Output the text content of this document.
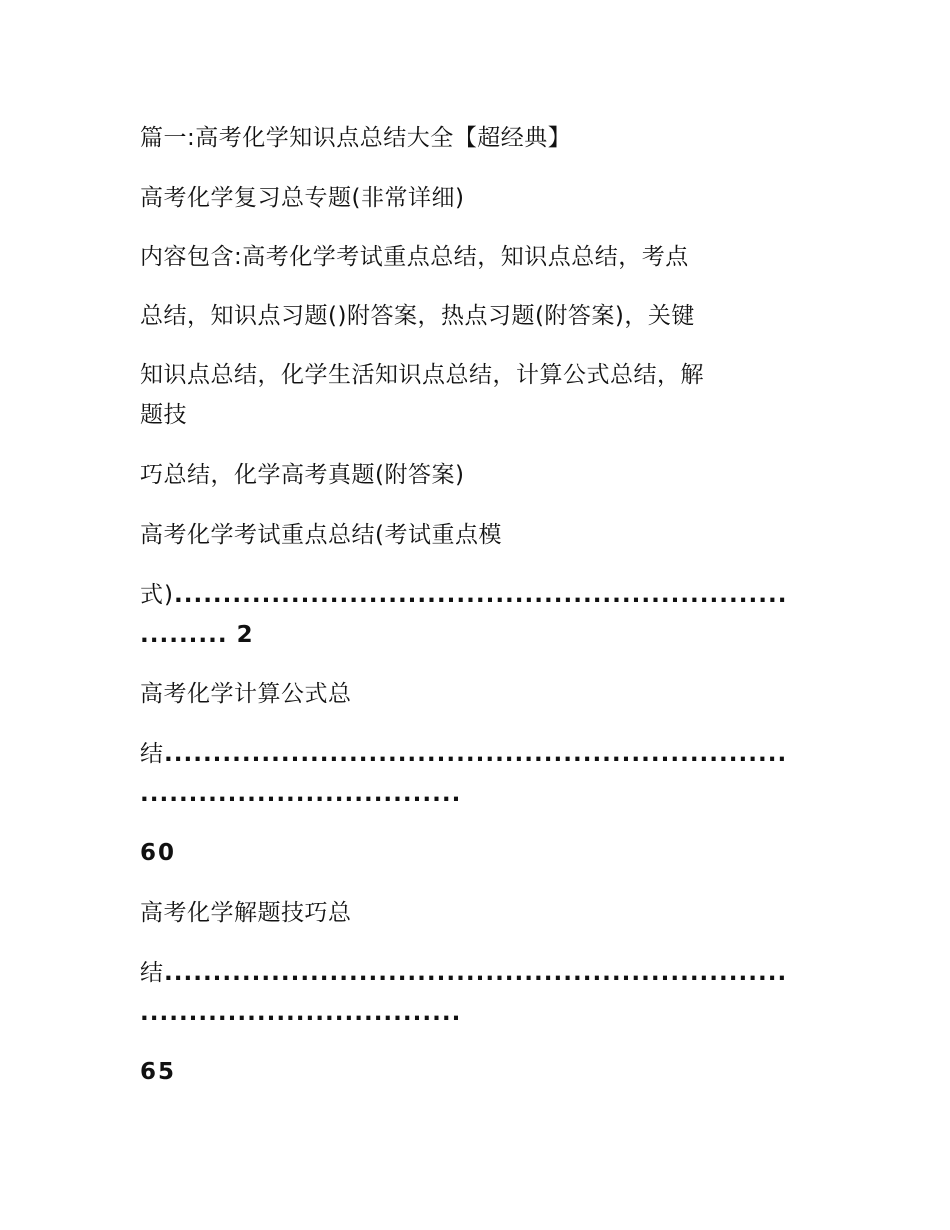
篇一:高考化学知识点总结大全【超经典】

高考化学复习总专题(非常详细)

内容包含:高考化学考试重点总结，知识点总结，考点

总结，知识点习题()附答案，热点习题(附答案)，关键

知识点总结，化学生活知识点总结，计算公式总结，解

题技

巧总结，化学高考真题(附答案)

高考化学考试重点总结(考试重点模

式)...............................................................

......... 2

高考化学计算公式总

结................................................................

.................................

60

高考化学解题技巧总

结................................................................

.................................

65
